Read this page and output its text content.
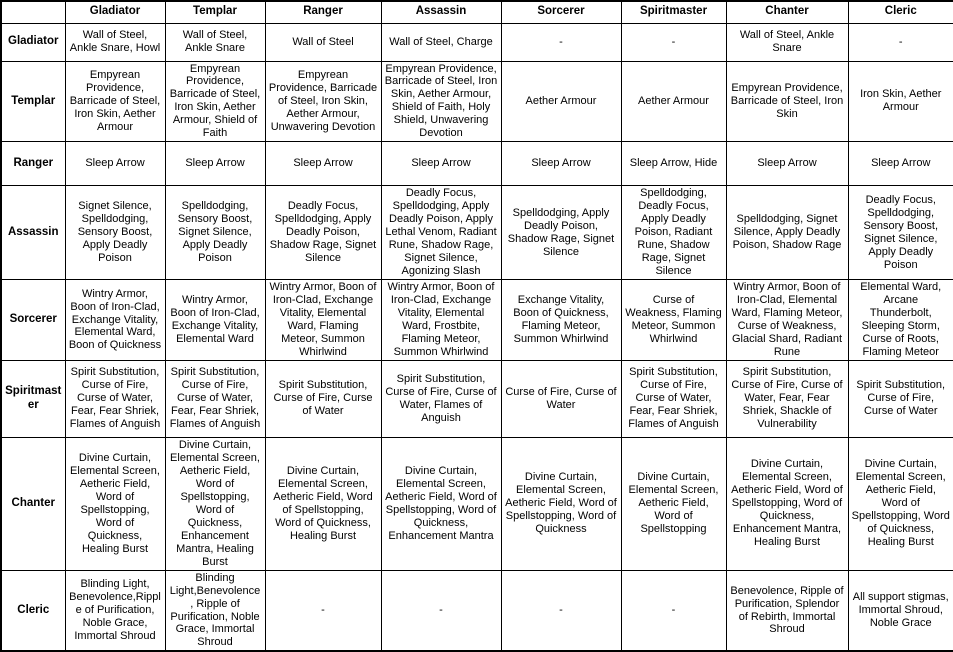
	Gladiator	Templar	Ranger	Assassin	Sorcerer	Spiritmaster	Chanter	Cleric
Gladiator	Wall of Steel, Ankle Snare, Howl	Wall of Steel, Ankle Snare	Wall of Steel	Wall of Steel, Charge	-	-	Wall of Steel, Ankle Snare	-
Templar	Empyrean Providence, Barricade of Steel, Iron Skin, Aether Armour	Empyrean Providence, Barricade of Steel, Iron Skin, Aether Armour, Shield of Faith	Empyrean Providence, Barricade of Steel, Iron Skin, Aether Armour, Unwavering Devotion	Empyrean Providence, Barricade of Steel, Iron Skin, Aether Armour, Shield of Faith, Holy Shield, Unwavering Devotion	Aether Armour	Aether Armour	Empyrean Providence, Barricade of Steel, Iron Skin	Iron Skin, Aether Armour
Ranger	Sleep Arrow	Sleep Arrow	Sleep Arrow	Sleep Arrow	Sleep Arrow	Sleep Arrow, Hide	Sleep Arrow	Sleep Arrow
Assassin	Signet Silence, Spelldodging, Sensory Boost, Apply Deadly Poison	Spelldodging, Sensory Boost, Signet Silence, Apply Deadly Poison	Deadly Focus, Spelldodging, Apply Deadly Poison, Shadow Rage, Signet Silence	Deadly Focus, Spelldodging, Apply Deadly Poison, Apply Lethal Venom, Radiant Rune, Shadow Rage, Signet Silence, Agonizing Slash	Spelldodging, Apply Deadly Poison, Shadow Rage, Signet Silence	Spelldodging, Deadly Focus, Apply Deadly Poison, Radiant Rune, Shadow Rage, Signet Silence	Spelldodging, Signet Silence, Apply Deadly Poison, Shadow Rage	Deadly Focus, Spelldodging, Sensory Boost, Signet Silence, Apply Deadly Poison
Sorcerer	Wintry Armor, Boon of Iron-Clad, Exchange Vitality, Elemental Ward, Boon of Quickness	Wintry Armor, Boon of Iron-Clad, Exchange Vitality, Elemental Ward	Wintry Armor, Boon of Iron-Clad, Exchange Vitality, Elemental Ward, Flaming Meteor, Summon Whirlwind	Wintry Armor, Boon of Iron-Clad, Exchange Vitality, Elemental Ward, Frostbite, Flaming Meteor, Summon Whirlwind	Exchange Vitality, Boon of Quickness, Flaming Meteor, Summon Whirlwind	Curse of Weakness, Flaming Meteor, Summon Whirlwind	Wintry Armor, Boon of Iron-Clad, Elemental Ward, Flaming Meteor, Curse of Weakness, Glacial Shard, Radiant Rune	Elemental Ward, Arcane Thunderbolt, Sleeping Storm, Curse of Roots, Flaming Meteor
Spiritmaster	Spirit Substitution, Curse of Fire, Curse of Water, Fear, Fear Shriek, Flames of Anguish	Spirit Substitution, Curse of Fire, Curse of Water, Fear, Fear Shriek, Flames of Anguish	Spirit Substitution, Curse of Fire, Curse of Water	Spirit Substitution, Curse of Fire, Curse of Water, Flames of Anguish	Curse of Fire, Curse of Water	Spirit Substitution, Curse of Fire, Curse of Water, Fear, Fear Shriek, Flames of Anguish	Spirit Substitution, Curse of Fire, Curse of Water, Fear, Fear Shriek, Shackle of Vulnerability	Spirit Substitution, Curse of Fire, Curse of Water
Chanter	Divine Curtain, Elemental Screen, Aetheric Field, Word of Spellstopping, Word of Quickness, Healing Burst	Divine Curtain, Elemental Screen, Aetheric Field, Word of Spellstopping, Word of Quickness, Enhancement Mantra, Healing Burst	Divine Curtain, Elemental Screen, Aetheric Field, Word of Spellstopping, Word of Quickness, Healing Burst	Divine Curtain, Elemental Screen, Aetheric Field, Word of Spellstopping, Word of Quickness, Enhancement Mantra	Divine Curtain, Elemental Screen, Aetheric Field, Word of Spellstopping, Word of Quickness	Divine Curtain, Elemental Screen, Aetheric Field, Word of Spellstopping	Divine Curtain, Elemental Screen, Aetheric Field, Word of Spellstopping, Word of Quickness, Enhancement Mantra, Healing Burst	Divine Curtain, Elemental Screen, Aetheric Field, Word of Spellstopping, Word of Quickness, Healing Burst
Cleric	Blinding Light, Benevolence,Ripple of Purification, Noble Grace, Immortal Shroud	Blinding Light,Benevolence, Ripple of Purification, Noble Grace, Immortal Shroud	-	-	-	-	Benevolence, Ripple of Purification, Splendor of Rebirth, Immortal Shroud	All support stigmas, Immortal Shroud, Noble Grace
